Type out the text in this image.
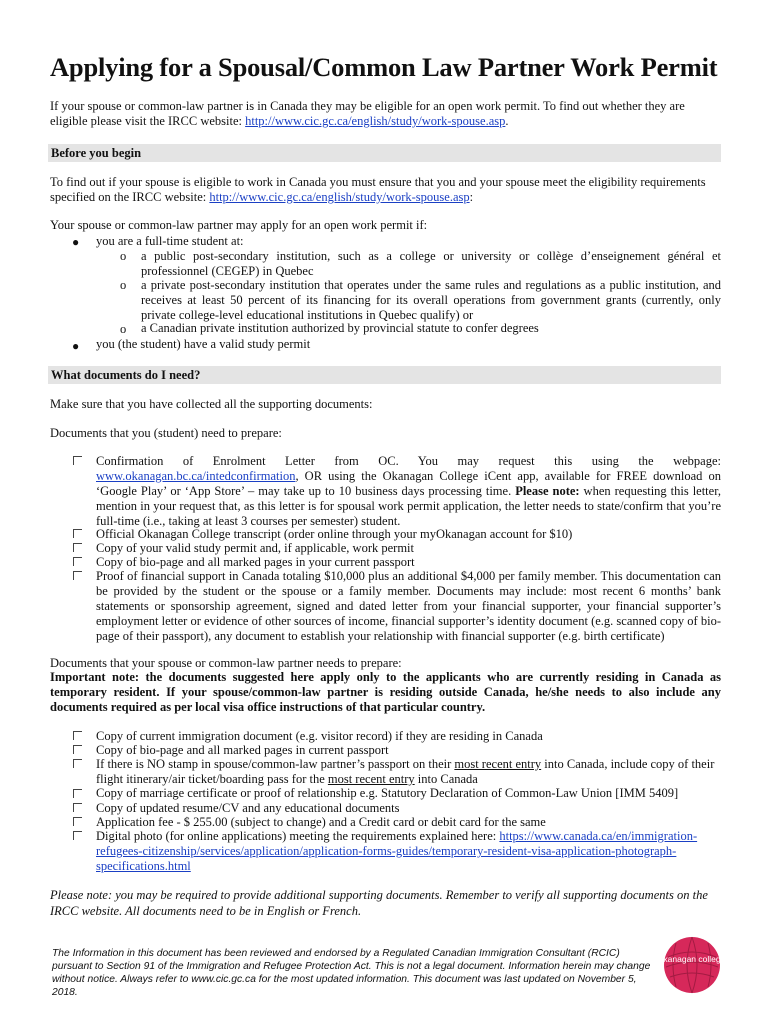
Applying for a Spousal/Common Law Partner Work Permit
If your spouse or common-law partner is in Canada they may be eligible for an open work permit. To find out whether they are eligible please visit the IRCC website: http://www.cic.gc.ca/english/study/work-spouse.asp.
Before you begin
To find out if your spouse is eligible to work in Canada you must ensure that you and your spouse meet the eligibility requirements specified on the IRCC website: http://www.cic.gc.ca/english/study/work-spouse.asp:
Your spouse or common-law partner may apply for an open work permit if:
● you are a full-time student at:
o a public post-secondary institution, such as a college or university or collège d’enseignement général et professionnel (CEGEP) in Quebec
o a private post-secondary institution that operates under the same rules and regulations as a public institution, and receives at least 50 percent of its financing for its overall operations from government grants (currently, only private college-level educational institutions in Quebec qualify) or
o a Canadian private institution authorized by provincial statute to confer degrees
● you (the student) have a valid study permit
What documents do I need?
Make sure that you have collected all the supporting documents:
Documents that you (student) need to prepare:
Confirmation of Enrolment Letter from OC. You may request this using the webpage: www.okanagan.bc.ca/intedconfirmation, OR using the Okanagan College iCent app, available for FREE download on ‘Google Play’ or ‘App Store’ – may take up to 10 business days processing time. Please note: when requesting this letter, mention in your request that, as this letter is for spousal work permit application, the letter needs to state/confirm that you’re full-time (i.e., taking at least 3 courses per semester) student.
Official Okanagan College transcript (order online through your myOkanagan account for $10)
Copy of your valid study permit and, if applicable, work permit
Copy of bio-page and all marked pages in your current passport
Proof of financial support in Canada totaling $10,000 plus an additional $4,000 per family member. This documentation can be provided by the student or the spouse or a family member. Documents may include: most recent 6 months’ bank statements or sponsorship agreement, signed and dated letter from your financial supporter, your financial supporter’s employment letter or evidence of other sources of income, financial supporter’s identity document (e.g. scanned copy of bio-page of their passport), any document to establish your relationship with financial supporter (e.g. birth certificate)
Documents that your spouse or common-law partner needs to prepare:
Important note: the documents suggested here apply only to the applicants who are currently residing in Canada as temporary resident. If your spouse/common-law partner is residing outside Canada, he/she needs to also include any documents required as per local visa office instructions of that particular country.
Copy of current immigration document (e.g. visitor record) if they are residing in Canada
Copy of bio-page and all marked pages in current passport
If there is NO stamp in spouse/common-law partner’s passport on their most recent entry into Canada, include copy of their flight itinerary/air ticket/boarding pass for the most recent entry into Canada
Copy of marriage certificate or proof of relationship e.g. Statutory Declaration of Common-Law Union [IMM 5409]
Copy of updated resume/CV and any educational documents
Application fee - $ 255.00 (subject to change) and a Credit card or debit card for the same
Digital photo (for online applications) meeting the requirements explained here: https://www.canada.ca/en/immigration-refugees-citizenship/services/application/application-forms-guides/temporary-resident-visa-application-photograph-specifications.html
Please note: you may be required to provide additional supporting documents. Remember to verify all supporting documents on the IRCC website. All documents need to be in English or French.
The Information in this document has been reviewed and endorsed by a Regulated Canadian Immigration Consultant (RCIC) pursuant to Section 91 of the Immigration and Refugee Protection Act. This is not a legal document. Information herein may change without notice. Always refer to www.cic.gc.ca for the most updated information. This document was last updated on November 5, 2018.
okanagan college
